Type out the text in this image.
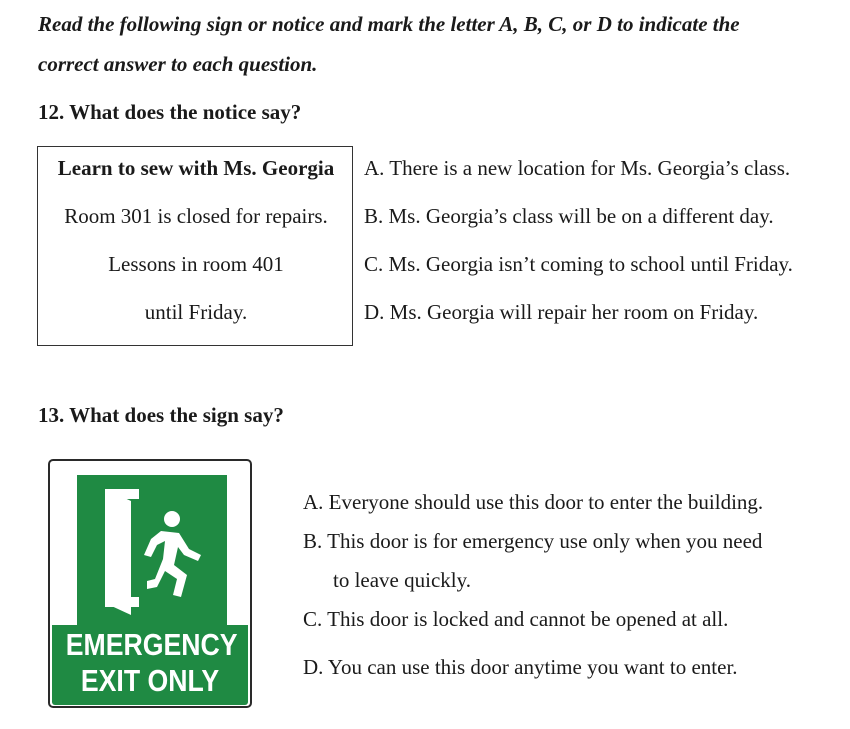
Read the following sign or notice and mark the letter A, B, C, or D to indicate the
correct answer to each question.
12. What does the notice say?
Learn to sew with Ms. Georgia
Room 301 is closed for repairs.
Lessons in room 401
until Friday.
A. There is a new location for Ms. Georgia’s class.
B. Ms. Georgia’s class will be on a different day.
C. Ms. Georgia isn’t coming to school until Friday.
D. Ms. Georgia will repair her room on Friday.
13. What does the sign say?
EMERGENCY
EXIT ONLY
A. Everyone should use this door to enter the building.
B. This door is for emergency use only when you need
to leave quickly.
C. This door is locked and cannot be opened at all.
D. You can use this door anytime you want to enter.
